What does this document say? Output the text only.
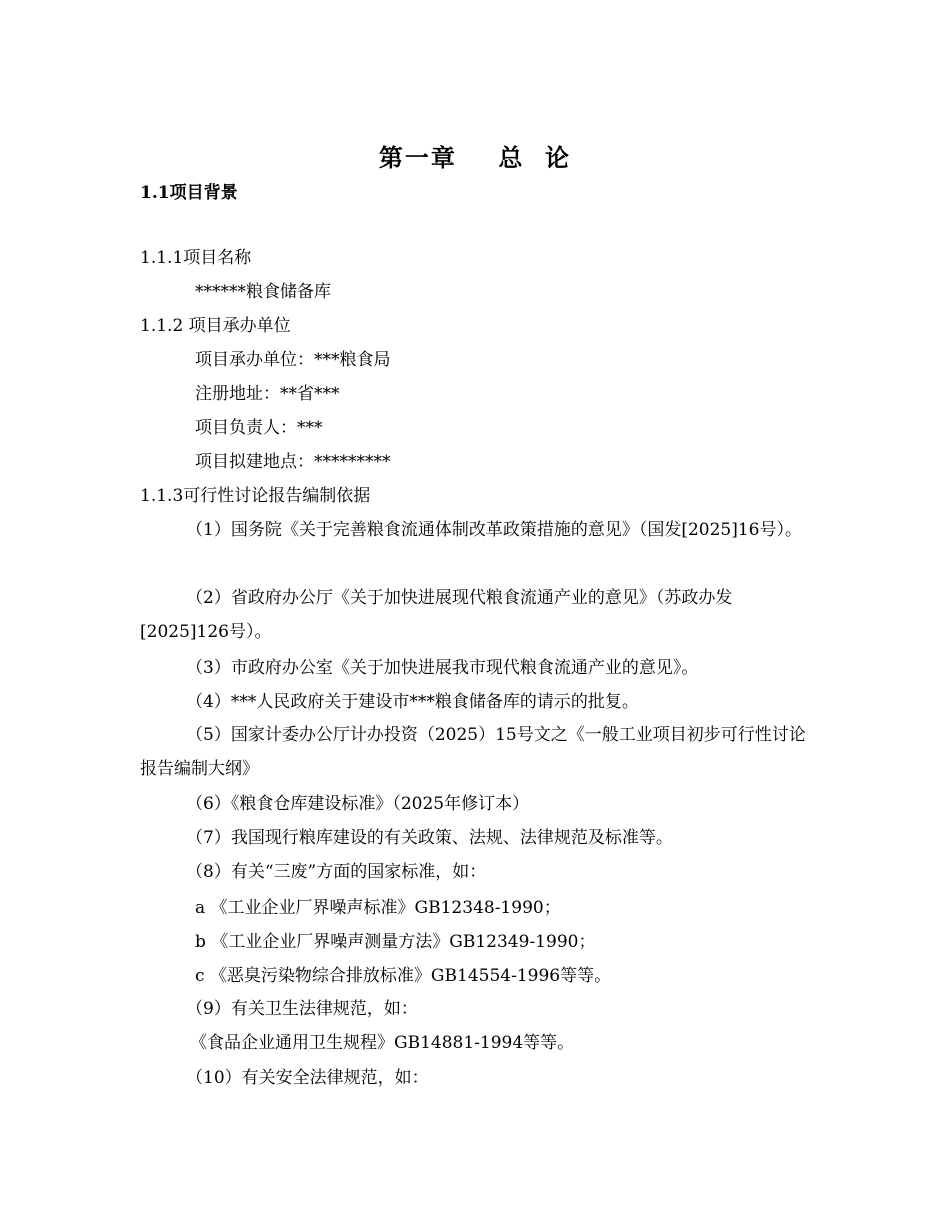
第一章    总  论
1.1项目背景
1.1.1项目名称
******粮食储备库
1.1.2 项目承办单位
项目承办单位：***粮食局
注册地址：**省***
项目负责人：***
项目拟建地点：*********
1.1.3可行性讨论报告编制依据
（1）国务院《关于完善粮食流通体制改革政策措施的意见》（国发[2025]16号）。
（2）省政府办公厅《关于加快进展现代粮食流通产业的意见》（苏政办发[2025]126号）。
（3）市政府办公室《关于加快进展我市现代粮食流通产业的意见》。
（4）***人民政府关于建设市***粮食储备库的请示的批复。
（5）国家计委办公厅计办投资（2025）15号文之《一般工业项目初步可行性讨论报告编制大纲》
（6）《粮食仓库建设标准》（2025年修订本）
（7）我国现行粮库建设的有关政策、法规、法律规范及标准等。
（8）有关“三废”方面的国家标准，如：
a 《工业企业厂界噪声标准》GB12348-1990；
b 《工业企业厂界噪声测量方法》GB12349-1990；
c 《恶臭污染物综合排放标准》GB14554-1996等等。
（9）有关卫生法律规范，如：
《食品企业通用卫生规程》GB14881-1994等等。
（10）有关安全法律规范，如：
